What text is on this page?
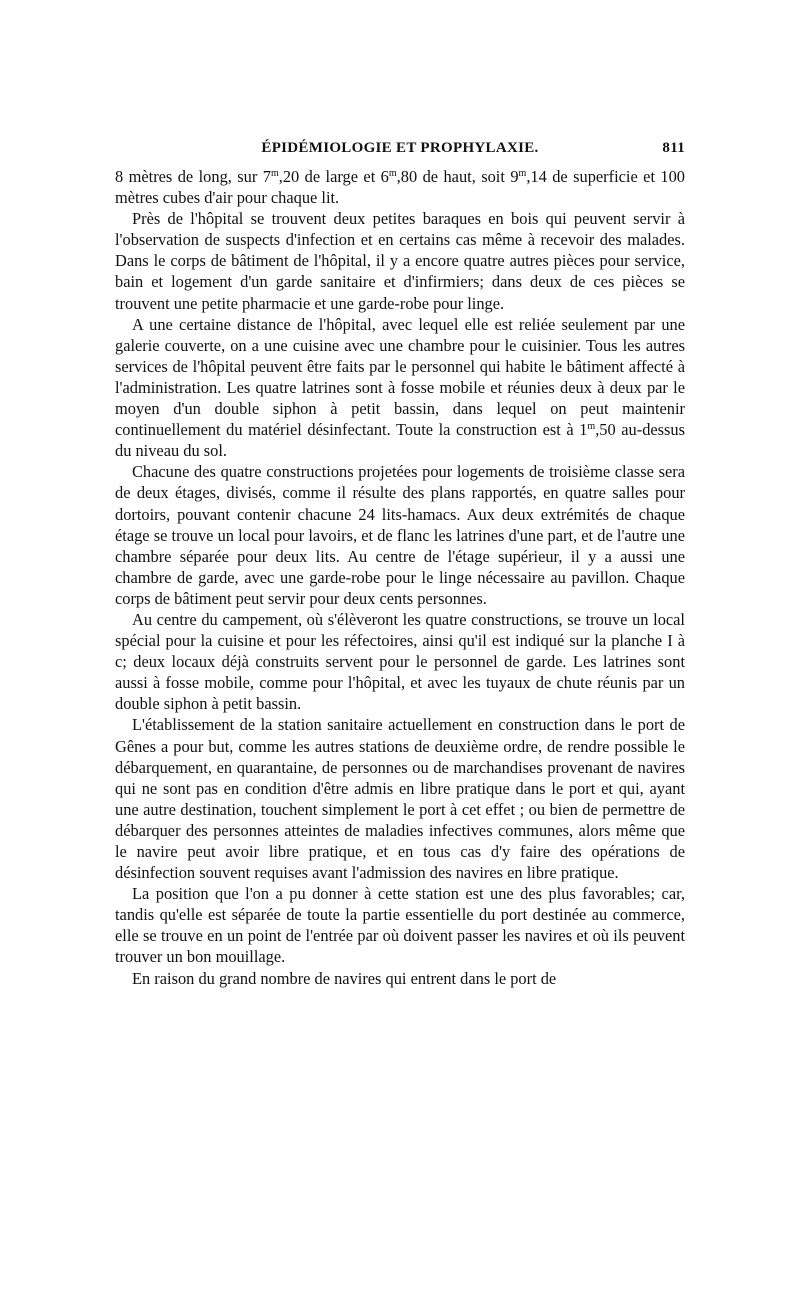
ÉPIDÉMIOLOGIE ET PROPHYLAXIE.	811

8 mètres de long, sur 7$^m$,20 de large et 6$^m$,80 de haut, soit 9$^m$,14 de superficie et 100 mètres cubes d'air pour chaque lit.

Près de l'hôpital se trouvent deux petites baraques en bois qui peuvent servir à l'observation de suspects d'infection et en certains cas même à recevoir des malades. Dans le corps de bâtiment de l'hôpital, il y a encore quatre autres pièces pour service, bain et logement d'un garde sanitaire et d'infirmiers; dans deux de ces pièces se trouvent une petite pharmacie et une garde-robe pour linge.

A une certaine distance de l'hôpital, avec lequel elle est reliée seulement par une galerie couverte, on a une cuisine avec une chambre pour le cuisinier. Tous les autres services de l'hôpital peuvent être faits par le personnel qui habite le bâtiment affecté à l'administration. Les quatre latrines sont à fosse mobile et réunies deux à deux par le moyen d'un double siphon à petit bassin, dans lequel on peut maintenir continuellement du matériel désinfectant. Toute la construction est à 1$^m$,50 au-dessus du niveau du sol.

Chacune des quatre constructions projetées pour logements de troisième classe sera de deux étages, divisés, comme il résulte des plans rapportés, en quatre salles pour dortoirs, pouvant contenir chacune 24 lits-hamacs. Aux deux extrémités de chaque étage se trouve un local pour lavoirs, et de flanc les latrines d'une part, et de l'autre une chambre séparée pour deux lits. Au centre de l'étage supérieur, il y a aussi une chambre de garde, avec une garde-robe pour le linge nécessaire au pavillon. Chaque corps de bâtiment peut servir pour deux cents personnes.

Au centre du campement, où s'élèveront les quatre constructions, se trouve un local spécial pour la cuisine et pour les réfectoires, ainsi qu'il est indiqué sur la planche I à c; deux locaux déjà construits servent pour le personnel de garde. Les latrines sont aussi à fosse mobile, comme pour l'hôpital, et avec les tuyaux de chute réunis par un double siphon à petit bassin.

L'établissement de la station sanitaire actuellement en construction dans le port de Gênes a pour but, comme les autres stations de deuxième ordre, de rendre possible le débarquement, en quarantaine, de personnes ou de marchandises provenant de navires qui ne sont pas en condition d'être admis en libre pratique dans le port et qui, ayant une autre destination, touchent simplement le port à cet effet ; ou bien de permettre de débarquer des personnes atteintes de maladies infectives communes, alors même que le navire peut avoir libre pratique, et en tous cas d'y faire des opérations de désinfection souvent requises avant l'admission des navires en libre pratique.

La position que l'on a pu donner à cette station est une des plus favorables; car, tandis qu'elle est séparée de toute la partie essentielle du port destinée au commerce, elle se trouve en un point de l'entrée par où doivent passer les navires et où ils peuvent trouver un bon mouillage.

En raison du grand nombre de navires qui entrent dans le port de
